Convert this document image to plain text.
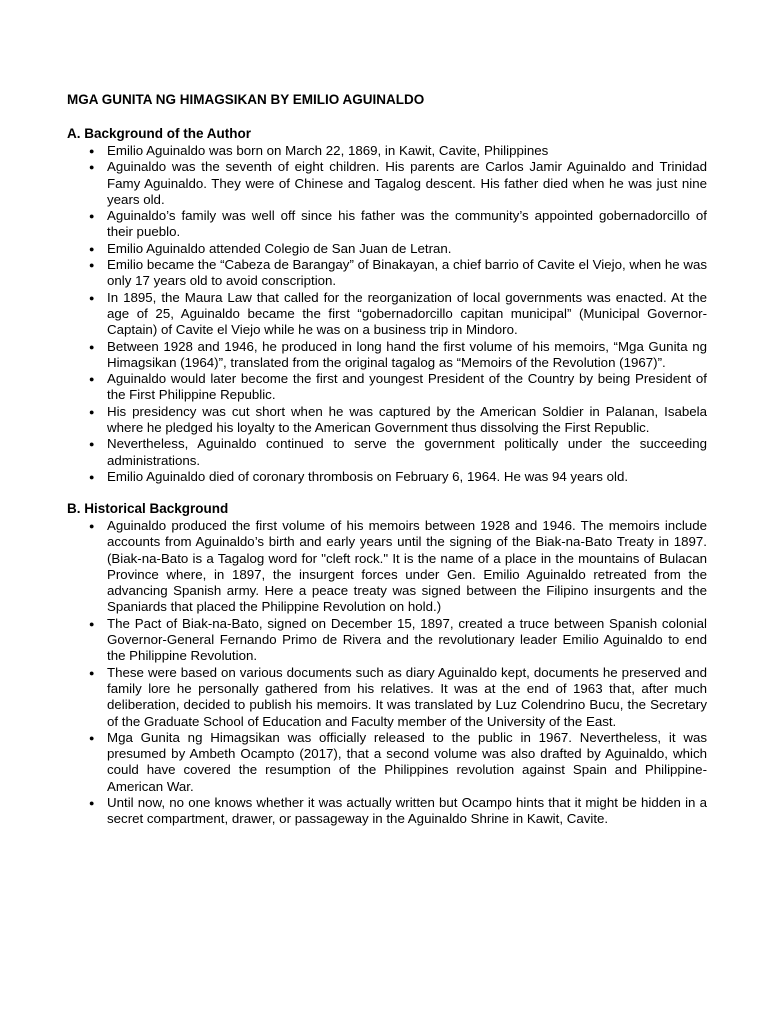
MGA GUNITA NG HIMAGSIKAN BY EMILIO AGUINALDO
A. Background of the Author
● Emilio Aguinaldo was born on March 22, 1869, in Kawit, Cavite, Philippines
● Aguinaldo was the seventh of eight children. His parents are Carlos Jamir Aguinaldo and Trinidad Famy Aguinaldo. They were of Chinese and Tagalog descent. His father died when he was just nine years old.
● Aguinaldo’s family was well off since his father was the community’s appointed gobernadorcillo of their pueblo.
● Emilio Aguinaldo attended Colegio de San Juan de Letran.
● Emilio became the “Cabeza de Barangay” of Binakayan, a chief barrio of Cavite el Viejo, when he was only 17 years old to avoid conscription.
● In 1895, the Maura Law that called for the reorganization of local governments was enacted. At the age of 25, Aguinaldo became the first “gobernadorcillo capitan municipal” (Municipal Governor-Captain) of Cavite el Viejo while he was on a business trip in Mindoro.
● Between 1928 and 1946, he produced in long hand the first volume of his memoirs, “Mga Gunita ng Himagsikan (1964)”, translated from the original tagalog as “Memoirs of the Revolution (1967)”.
● Aguinaldo would later become the first and youngest President of the Country by being President of the First Philippine Republic.
● His presidency was cut short when he was captured by the American Soldier in Palanan, Isabela where he pledged his loyalty to the American Government thus dissolving the First Republic.
● Nevertheless, Aguinaldo continued to serve the government politically under the succeeding administrations.
● Emilio Aguinaldo died of coronary thrombosis on February 6, 1964. He was 94 years old.
B. Historical Background
● Aguinaldo produced the first volume of his memoirs between 1928 and 1946. The memoirs include accounts from Aguinaldo’s birth and early years until the signing of the Biak-na-Bato Treaty in 1897. (Biak-na-Bato is a Tagalog word for "cleft rock." It is the name of a place in the mountains of Bulacan Province where, in 1897, the insurgent forces under Gen. Emilio Aguinaldo retreated from the advancing Spanish army. Here a peace treaty was signed between the Filipino insurgents and the Spaniards that placed the Philippine Revolution on hold.)
● The Pact of Biak-na-Bato, signed on December 15, 1897, created a truce between Spanish colonial Governor-General Fernando Primo de Rivera and the revolutionary leader Emilio Aguinaldo to end the Philippine Revolution.
● These were based on various documents such as diary Aguinaldo kept, documents he preserved and family lore he personally gathered from his relatives. It was at the end of 1963 that, after much deliberation, decided to publish his memoirs. It was translated by Luz Colendrino Bucu, the Secretary of the Graduate School of Education and Faculty member of the University of the East.
● Mga Gunita ng Himagsikan was officially released to the public in 1967. Nevertheless, it was presumed by Ambeth Ocampto (2017), that a second volume was also drafted by Aguinaldo, which could have covered the resumption of the Philippines revolution against Spain and Philippine-American War.
● Until now, no one knows whether it was actually written but Ocampo hints that it might be hidden in a secret compartment, drawer, or passageway in the Aguinaldo Shrine in Kawit, Cavite.
